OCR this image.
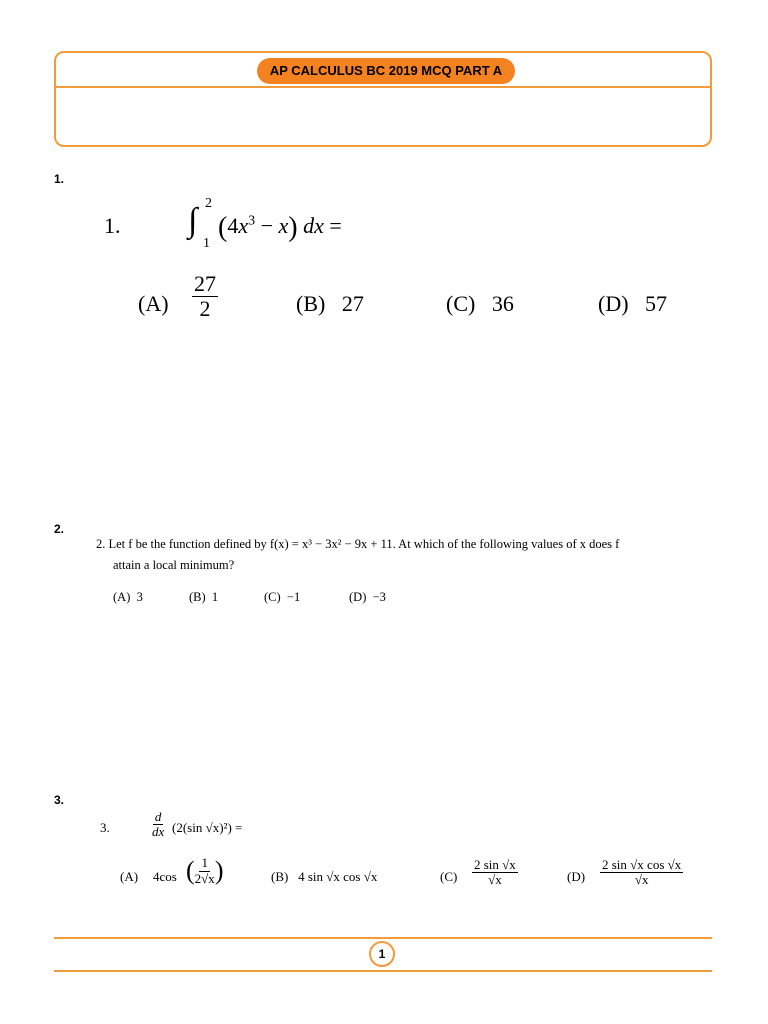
AP CALCULUS BC 2019 MCQ PART A
1.
1. ∫ 2
1
$(4x^3 - x)$ dx =
$(A) \frac{27}{2}$	(B) 27	(C) 36	(D) 57
2.
2. Let f be the function defined by f(x) = x³ − 3x² − 9x + 11. At which of the following values of x does f
attain a local minimum?
(A) 3	(B) 1	(C) −1	(D) −3
3.
3.	$\frac{d}{dx} (2(\sin$ √x)²) =
(A) 4cos ( $\frac{1}{2√x}$ )	(B) 4 sin √x cos √x	$(C) \frac{2 \sin √x}{√x}$	$(D) \frac{\text{2 sin √x cos √x}}{√x}$
1
